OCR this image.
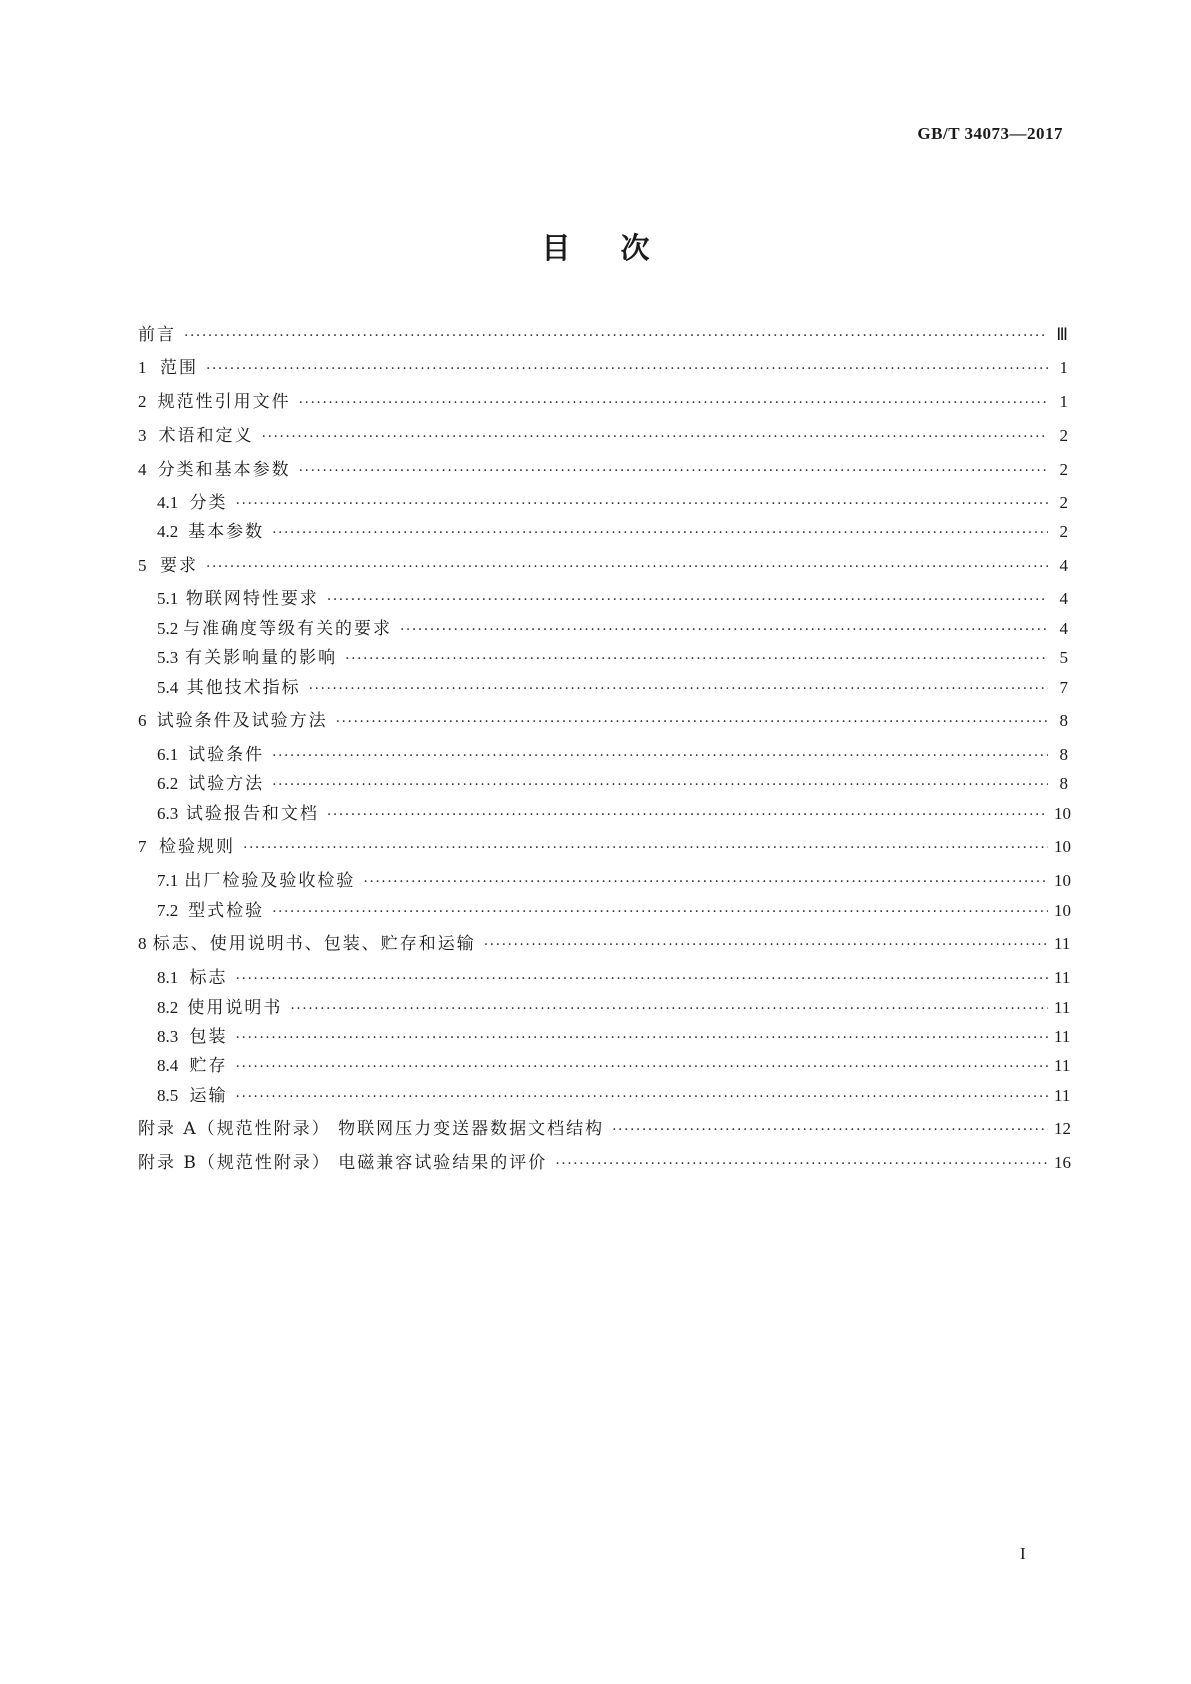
GB/T 34073—2017
目次
前言 ·····	Ⅲ
1 范围 ·····	1
2 规范性引用文件 ·····	1
3 术语和定义 ·····	2
4 分类和基本参数 ·····	2
4.1 分类 ·····	2
4.2 基本参数 ·····	2
5 要求 ·····	4
5.1 物联网特性要求 ·····	4
5.2 与准确度等级有关的要求 ·····	4
5.3 有关影响量的影响 ·····	5
5.4 其他技术指标 ·····	7
6 试验条件及试验方法 ·····	8
6.1 试验条件 ·····	8
6.2 试验方法 ·····	8
6.3 试验报告和文档 ·····	10
7 检验规则 ·····	10
7.1 出厂检验及验收检验 ·····	10
7.2 型式检验 ·····	10
8 标志、使用说明书、包装、贮存和运输 ·····	11
8.1 标志 ·····	11
8.2 使用说明书 ·····	11
8.3 包装 ·····	11
8.4 贮存 ·····	11
8.5 运输 ·····	11
附录 A（规范性附录） 物联网压力变送器数据文档结构 ·····	12
附录 B（规范性附录） 电磁兼容试验结果的评价 ·····	16
I
